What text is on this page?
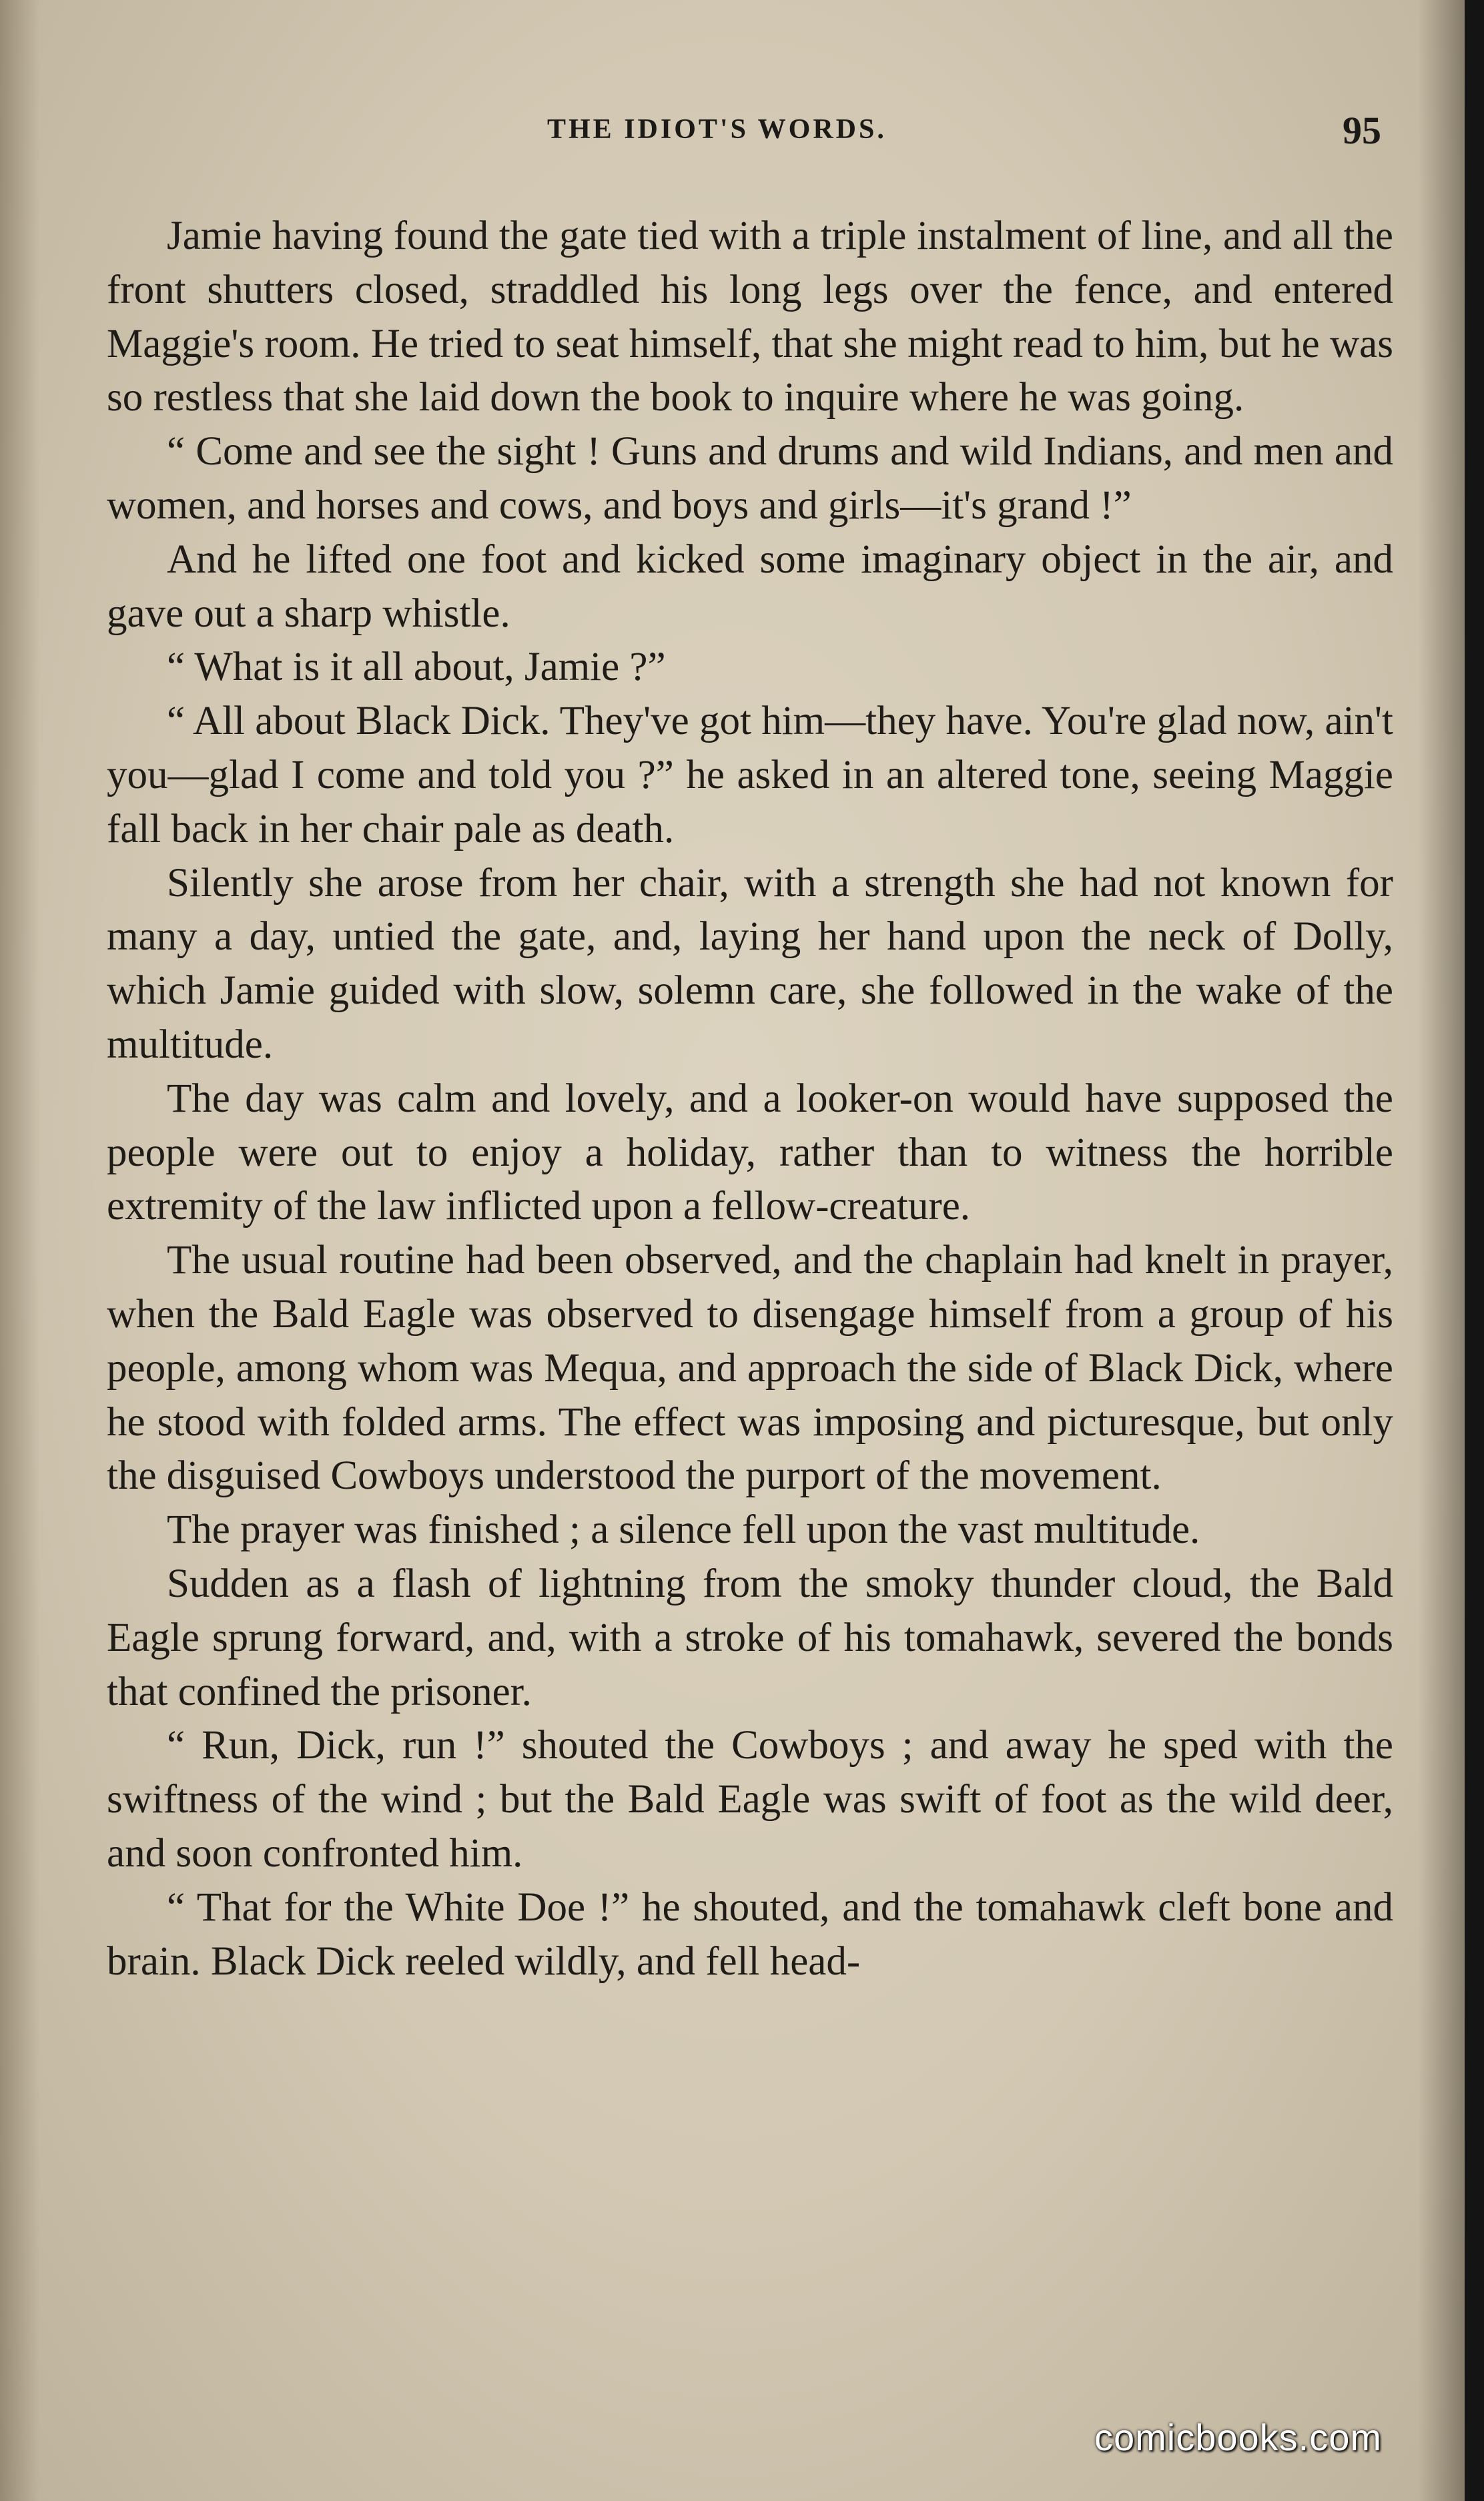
THE IDIOT'S WORDS.	95

Jamie having found the gate tied with a triple instalment of line, and all the front shutters closed, straddled his long legs over the fence, and entered Maggie's room. He tried to seat himself, that she might read to him, but he was so restless that she laid down the book to inquire where he was going.

“ Come and see the sight ! Guns and drums and wild Indians, and men and women, and horses and cows, and boys and girls—it's grand !”

And he lifted one foot and kicked some imaginary object in the air, and gave out a sharp whistle.

“ What is it all about, Jamie ?”

“ All about Black Dick. They've got him—they have. You're glad now, ain't you—glad I come and told you ?” he asked in an altered tone, seeing Maggie fall back in her chair pale as death.

Silently she arose from her chair, with a strength she had not known for many a day, untied the gate, and, laying her hand upon the neck of Dolly, which Jamie guided with slow, solemn care, she followed in the wake of the multitude.

The day was calm and lovely, and a looker-on would have supposed the people were out to enjoy a holiday, rather than to witness the horrible extremity of the law inflicted upon a fellow-creature.

The usual routine had been observed, and the chaplain had knelt in prayer, when the Bald Eagle was observed to disengage himself from a group of his people, among whom was Mequa, and approach the side of Black Dick, where he stood with folded arms. The effect was imposing and picturesque, but only the disguised Cowboys understood the purport of the movement.

The prayer was finished ; a silence fell upon the vast multitude.

Sudden as a flash of lightning from the smoky thunder cloud, the Bald Eagle sprung forward, and, with a stroke of his tomahawk, severed the bonds that confined the prisoner.

“ Run, Dick, run !” shouted the Cowboys ; and away he sped with the swiftness of the wind ; but the Bald Eagle was swift of foot as the wild deer, and soon confronted him.

“ That for the White Doe !” he shouted, and the tomahawk cleft bone and brain. Black Dick reeled wildly, and fell head-

comicbooks.com
